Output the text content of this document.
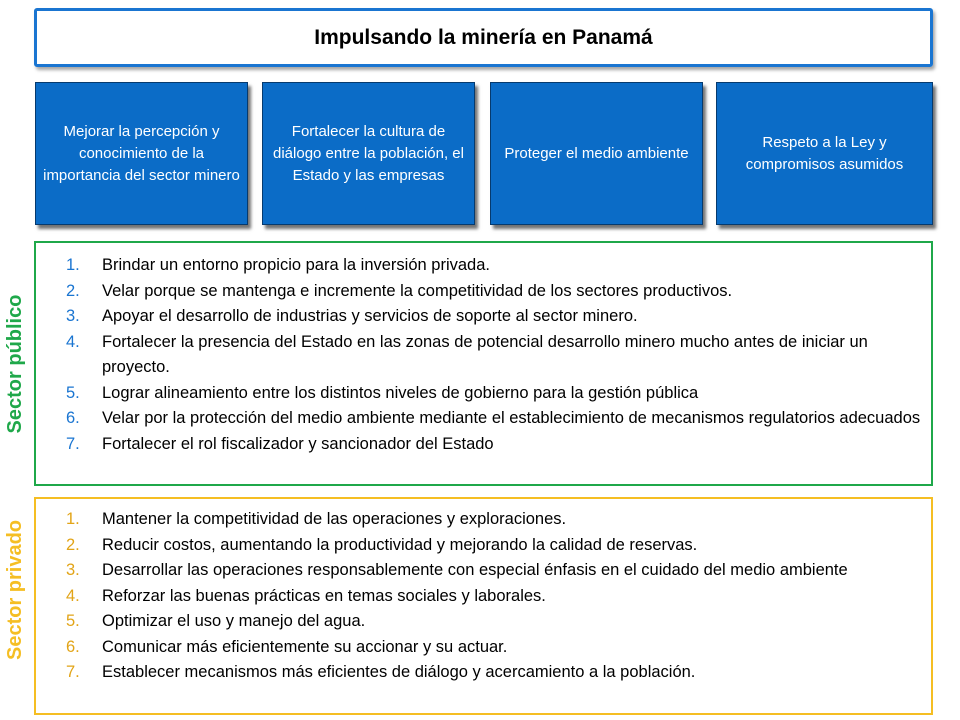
Impulsando la minería en Panamá
Mejorar la percepción y conocimiento de la importancia del sector minero
Fortalecer la cultura de diálogo entre la población, el Estado y las empresas
Proteger el medio ambiente
Respeto a la Ley y compromisos asumidos
Sector público
1. Brindar un entorno propicio para la inversión privada.
2. Velar porque se mantenga e incremente la competitividad de los sectores productivos.
3. Apoyar el desarrollo de industrias y servicios de soporte al sector minero.
4. Fortalecer la presencia del Estado en las zonas de potencial desarrollo minero mucho antes de iniciar un proyecto.
5. Lograr alineamiento entre los distintos niveles de gobierno para la gestión pública
6. Velar por la protección del medio ambiente mediante el establecimiento de mecanismos regulatorios adecuados
7. Fortalecer el rol fiscalizador y sancionador del Estado
Sector privado
1. Mantener la competitividad de las operaciones y exploraciones.
2. Reducir costos, aumentando la productividad y mejorando la calidad de reservas.
3. Desarrollar las operaciones responsablemente con especial énfasis en el cuidado del medio ambiente
4. Reforzar las buenas prácticas en temas sociales y laborales.
5. Optimizar el uso y manejo del agua.
6. Comunicar más eficientemente su accionar y su actuar.
7. Establecer mecanismos más eficientes de diálogo y acercamiento a la población.
